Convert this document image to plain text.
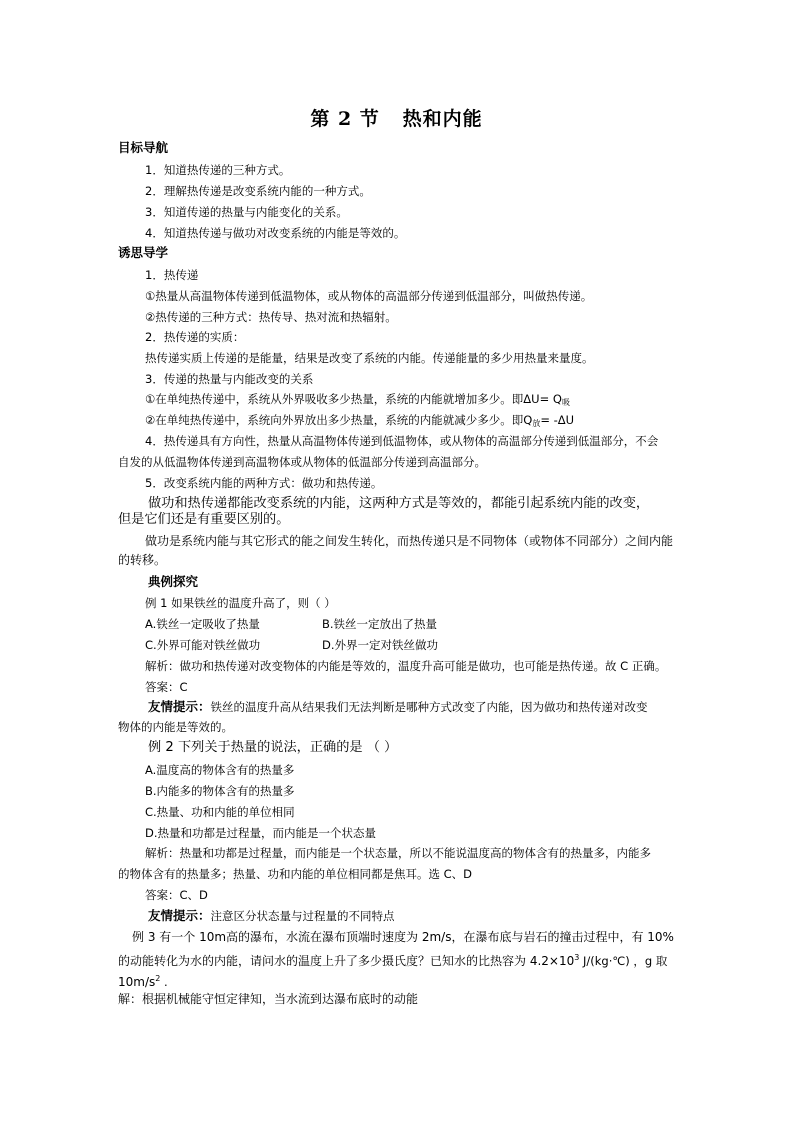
第 2 节   热和内能
目标导航
1．知道热传递的三种方式。
2．理解热传递是改变系统内能的一种方式。
3．知道传递的热量与内能变化的关系。
4．知道热传递与做功对改变系统的内能是等效的。
诱思导学
1．热传递
①热量从高温物体传递到低温物体，或从物体的高温部分传递到低温部分，叫做热传递。
②热传递的三种方式：热传导、热对流和热辐射。
2．热传递的实质：
热传递实质上传递的是能量，结果是改变了系统的内能。传递能量的多少用热量来量度。
3．传递的热量与内能改变的关系
①在单纯热传递中，系统从外界吸收多少热量，系统的内能就增加多少。即$\Delta U= Q_吸$
②在单纯热传递中，系统向外界放出多少热量，系统的内能就减少多少。即$Q_放= -\Delta U$
4．热传递具有方向性，热量从高温物体传递到低温物体，或从物体的高温部分传递到低温部分，不会
自发的从低温物体传递到高温物体或从物体的低温部分传递到高温部分。
5．改变系统内能的两种方式：做功和热传递。
做功和热传递都能改变系统的内能，这两种方式是等效的，都能引起系统内能的改变，
但是它们还是有重要区别的。
做功是系统内能与其它形式的能之间发生转化，而热传递只是不同物体（或物体不同部分）之间内能
的转移。
典例探究
例 1 如果铁丝的温度升高了，则（ ）
A.铁丝一定吸收了热量	B.铁丝一定放出了热量
C.外界可能对铁丝做功	D.外界一定对铁丝做功
解析：做功和热传递对改变物体的内能是等效的，温度升高可能是做功，也可能是热传递。故 C 正确。
答案：C
友情提示：铁丝的温度升高从结果我们无法判断是哪种方式改变了内能，因为做功和热传递对改变
物体的内能是等效的。
例 2 下列关于热量的说法，正确的是 （ ）
A.温度高的物体含有的热量多
B.内能多的物体含有的热量多
C.热量、功和内能的单位相同
D.热量和功都是过程量，而内能是一个状态量
解析：热量和功都是过程量，而内能是一个状态量，所以不能说温度高的物体含有的热量多，内能多
的物体含有的热量多；热量、功和内能的单位相同都是焦耳。选 C、D
答案：C、D
友情提示：注意区分状态量与过程量的不同特点
例 3 有一个 10m高的瀑布，水流在瀑布顶端时速度为 2m/s，在瀑布底与岩石的撞击过程中，有 10%
的动能转化为水的内能，请问水的温度上升了多少摄氏度？已知水的比热容为 $4.2\times 10^3$ J/(kg·℃) ，g 取
$10m/s^2$ .
解：根据机械能守恒定律知，当水流到达瀑布底时的动能
